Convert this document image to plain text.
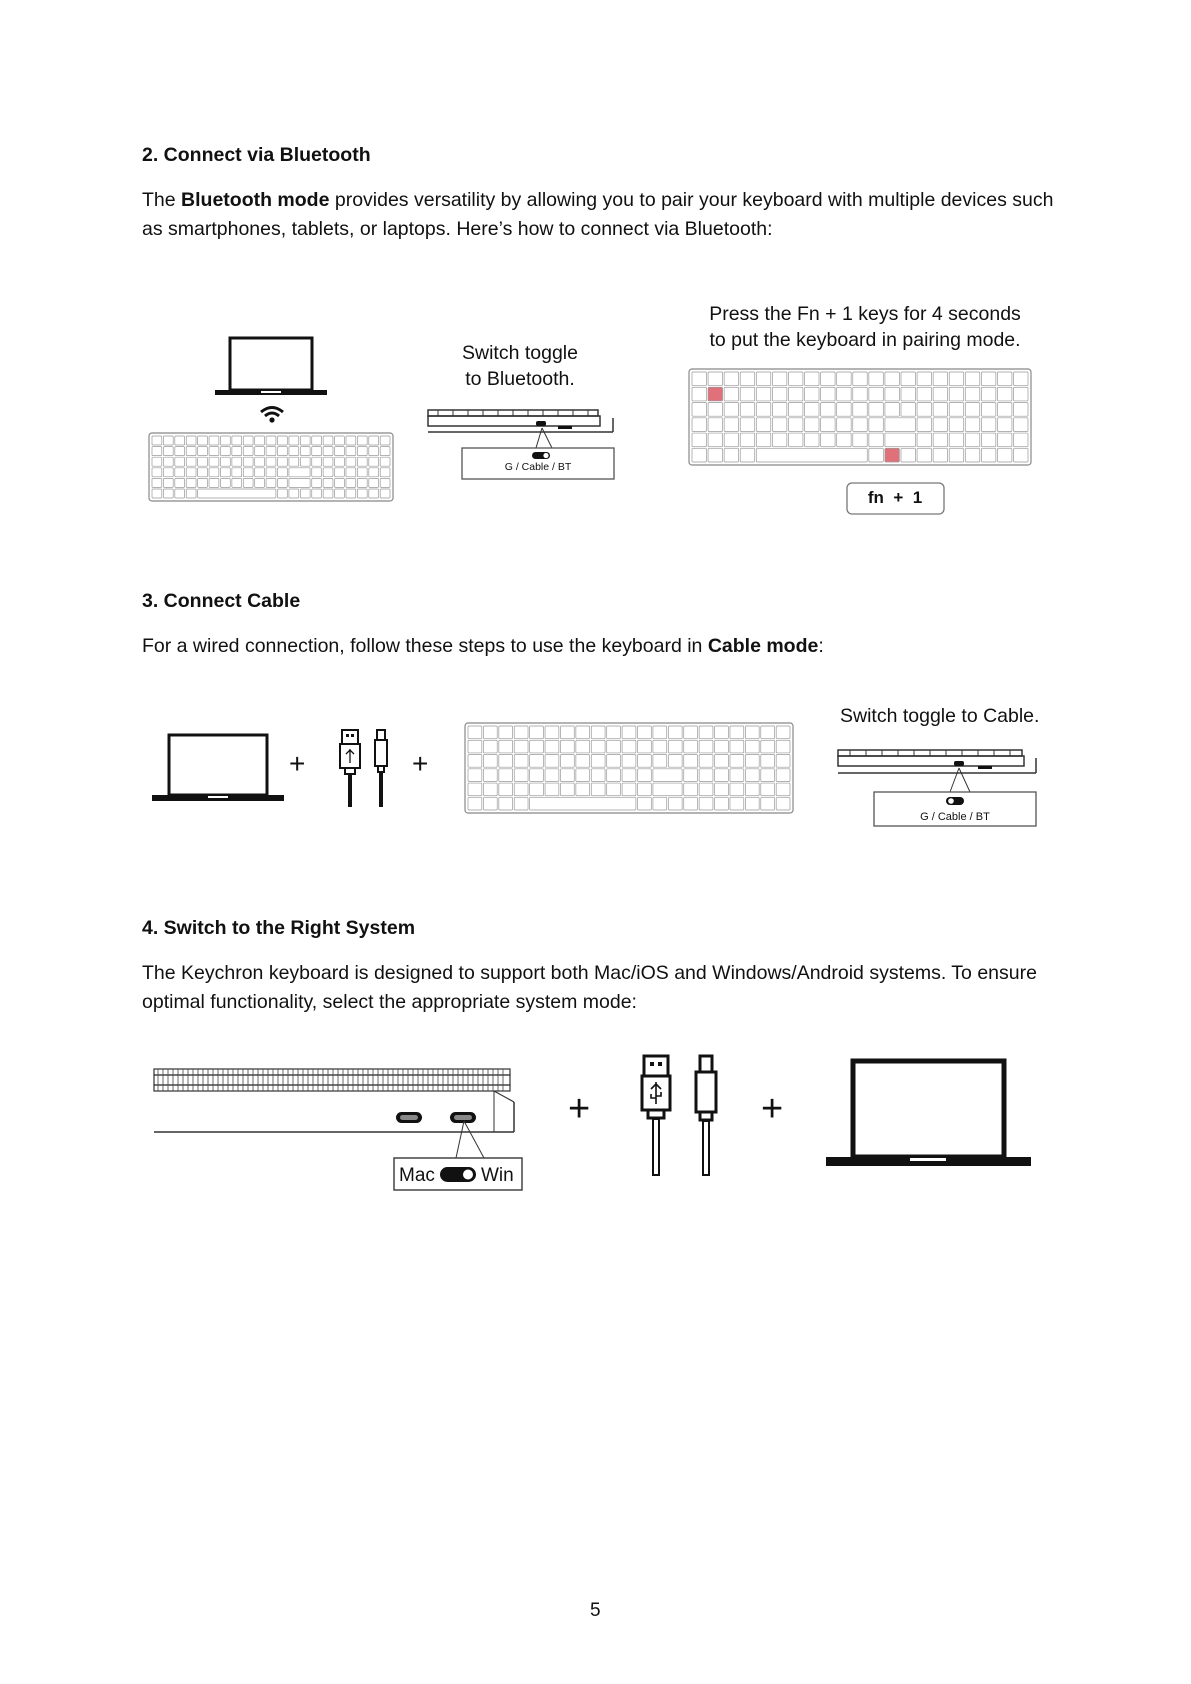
2. Connect via Bluetooth
The Bluetooth mode provides versatility by allowing you to pair your keyboard with multiple devices such as smartphones, tablets, or laptops. Here’s how to connect via Bluetooth:
Switch toggle
to Bluetooth.
G / Cable / BT
Press the Fn + 1 keys for 4 seconds
to put the keyboard in pairing mode.
fn  +  1
3. Connect Cable
For a wired connection, follow these steps to use the keyboard in Cable mode:
+	+
Switch toggle to Cable.
G / Cable / BT
4. Switch to the Right System
The Keychron keyboard is designed to support both Mac/iOS and Windows/Android systems. To ensure optimal functionality, select the appropriate system mode:
Mac Win
+	+
5
